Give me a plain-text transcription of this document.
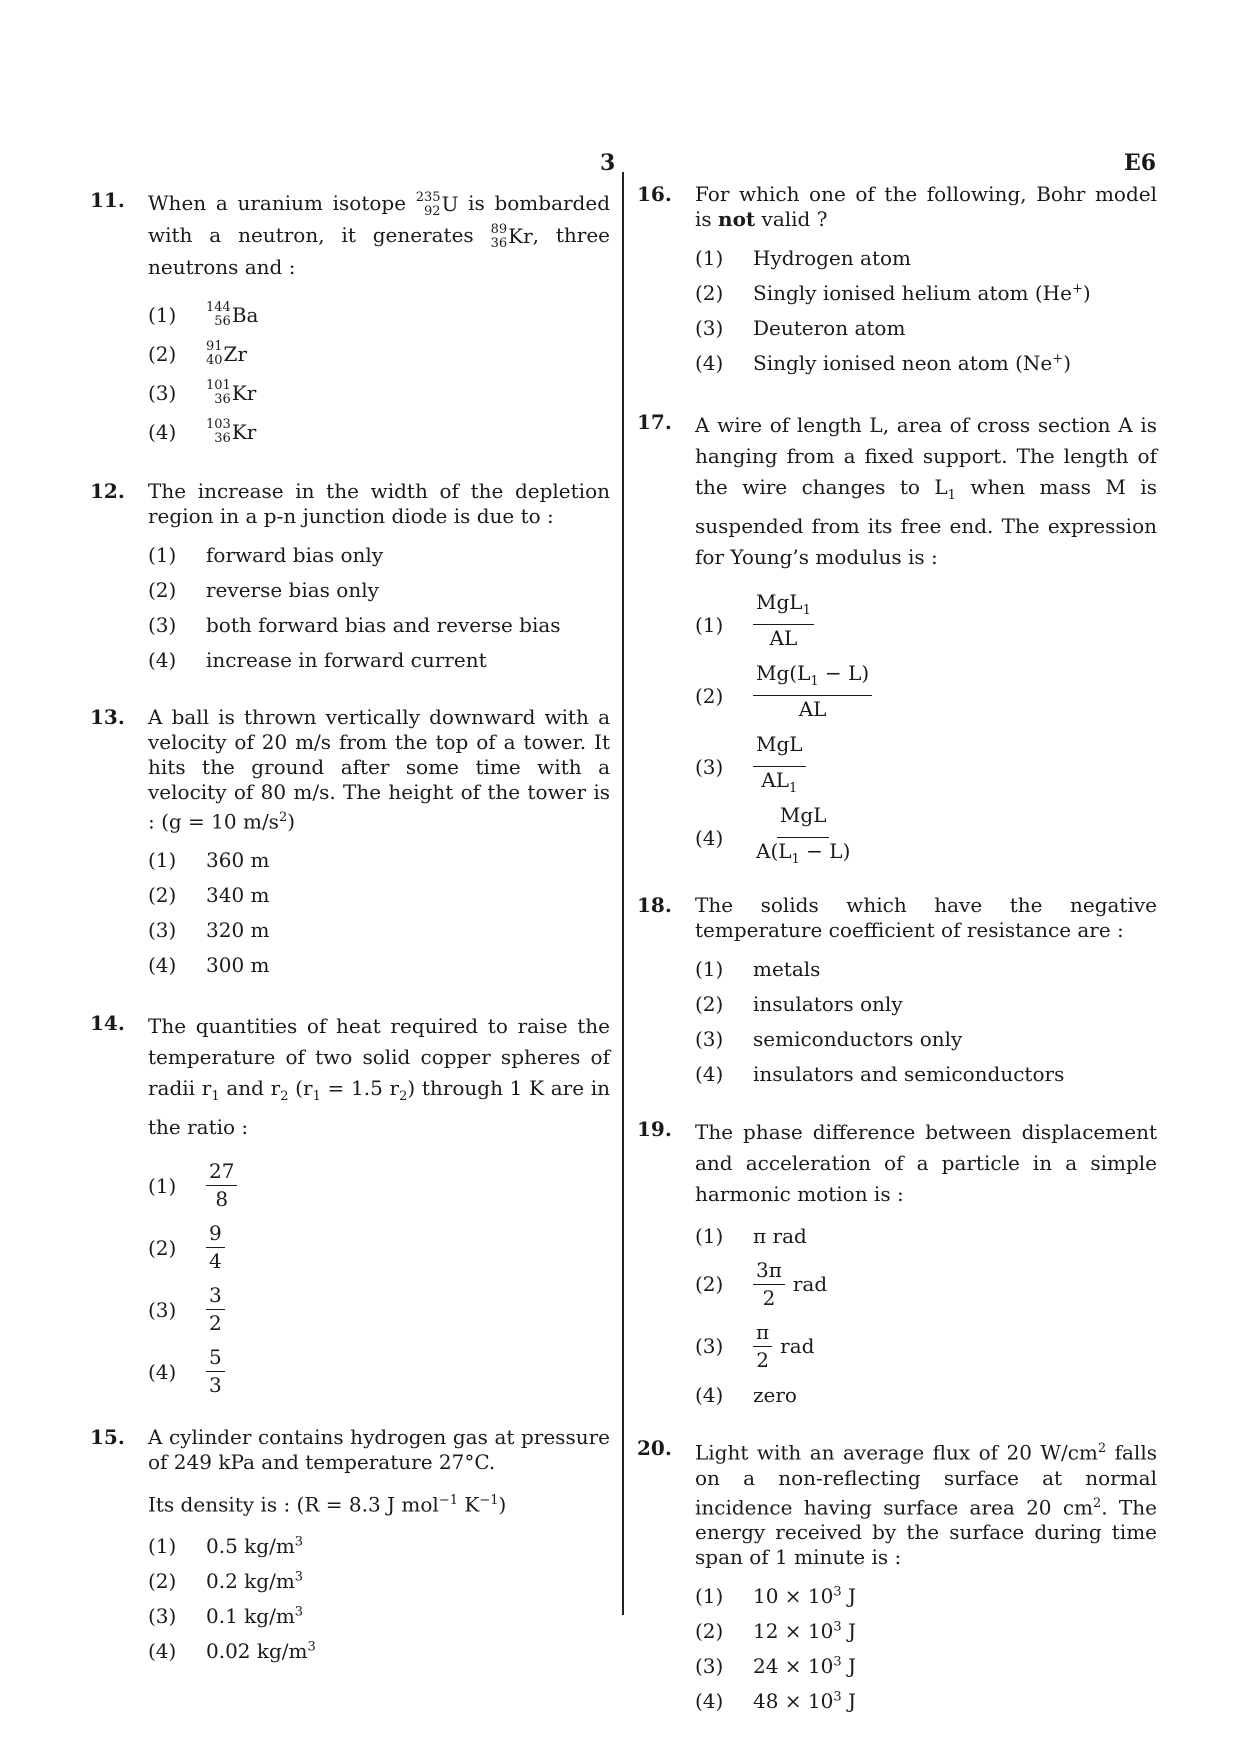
3	E6
11. When a uranium isotope 235
92 U is bombarded with a neutron, it generates 89
36 Kr , three neutrons and :
(1)	144
56 Ba
(2)	91
40 Zr
(3)	101
36 Kr
(4)	103
36 Kr
12. The increase in the width of the depletion region in a p-n junction diode is due to :
(1)	forward bias only
(2)	reverse bias only
(3)	both forward bias and reverse bias
(4)	increase in forward current
13. A ball is thrown vertically downward with a velocity of 20 m/s from the top of a tower. It hits the ground after some time with a velocity of 80 m/s. The height of the tower is : (g = 10 $m/s^2$)
(1)	360 m
(2)	340 m
(3)	320 m
(4)	300 m
14. The quantities of heat required to raise the temperature of two solid copper spheres of radii $r_1$ and $r_2$ ($r_1 = 1.5$ $r_2$) through 1 K are in the ratio :
(1)	$\frac{27}{8}$
(2)	$\frac{9}{4}$
(3)	$\frac{3}{2}$
(4)	$\frac{5}{3}$
15. A cylinder contains hydrogen gas at pressure of 249 kPa and temperature 27°C.
Its density is : (R = 8.3 J mol$^{-1}$ $K^{-1}$)
(1)	0.5 $kg/m^3$
(2)	0.2 $kg/m^3$
(3)	0.1 $kg/m^3$
(4)	0.02 $kg/m^3$
16. For which one of the following, Bohr model is not valid ?
(1)	Hydrogen atom
(2)	Singly ionised helium atom (He+)
(3)	Deuteron atom
(4)	Singly ionised neon atom (Ne+)
17. A wire of length L, area of cross section A is hanging from a fixed support. The length of the wire changes to $L_1$ when mass M is suspended from its free end. The expression for Young’s modulus is :
(1)	$\frac{MgL_1}{AL}$
(2)	$\frac{Mg(L_1 - L)}{AL}$
(3)	$\frac{\text{MgL}}{AL_1}$
(4)	$\frac{\text{MgL}}{A(L_1 - L)}$
18. The solids which have the negative temperature coefficient of resistance are :
(1)	metals
(2)	insulators only
(3)	semiconductors only
(4)	insulators and semiconductors
19. The phase difference between displacement and acceleration of a particle in a simple harmonic motion is :
(1)	π rad
(2)	$\frac{3\pi}{2}$ rad
(3)	$\frac{\pi}{2}$ rad
(4)	zero
20. Light with an average flux of 20 $W/cm^2$ falls on a non-reflecting surface at normal incidence having surface area 20 $cm^2$. The energy received by the surface during time span of 1 minute is :
(1)	$10 \times 10^3$ J
(2)	$12 \times 10^3$ J
(3)	$24 \times 10^3$ J
(4)	$48 \times 10^3$ J
